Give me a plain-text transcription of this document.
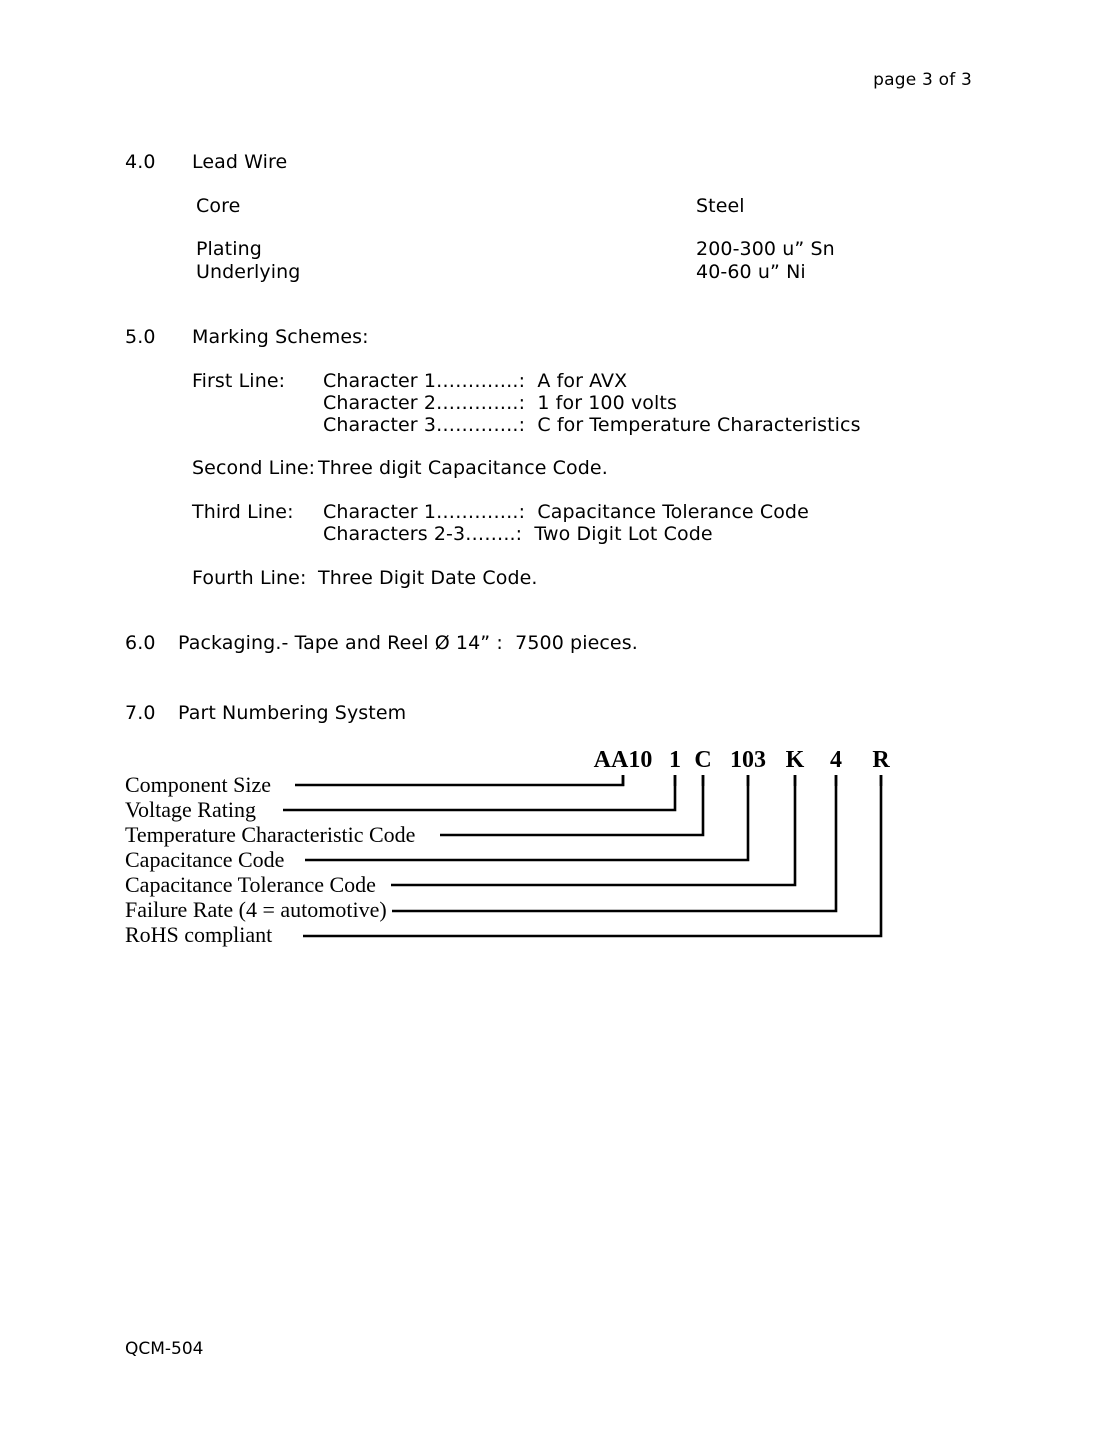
page 3 of 3
4.0 Lead Wire
Core	Steel
Plating	200-300 u” Sn
Underlying	40-60 u” Ni
5.0 Marking Schemes:
First Line: Character 1………….:  A for AVX
Character 2………….:  1 for 100 volts
Character 3………….:  C for Temperature Characteristics
Second Line: Three digit Capacitance Code.
Third Line: Character 1………….:  Capacitance Tolerance Code
Characters 2-3……..:  Two Digit Lot Code
Fourth Line: Three Digit Date Code.
6.0 Packaging.- Tape and Reel Ø 14” :  7500 pieces.
7.0 Part Numbering System
AA10 1 C 103 K 4 R
Component Size
Voltage Rating
Temperature Characteristic Code
Capacitance Code
Capacitance Tolerance Code
Failure Rate (4 = automotive)
RoHS compliant
QCM-504
